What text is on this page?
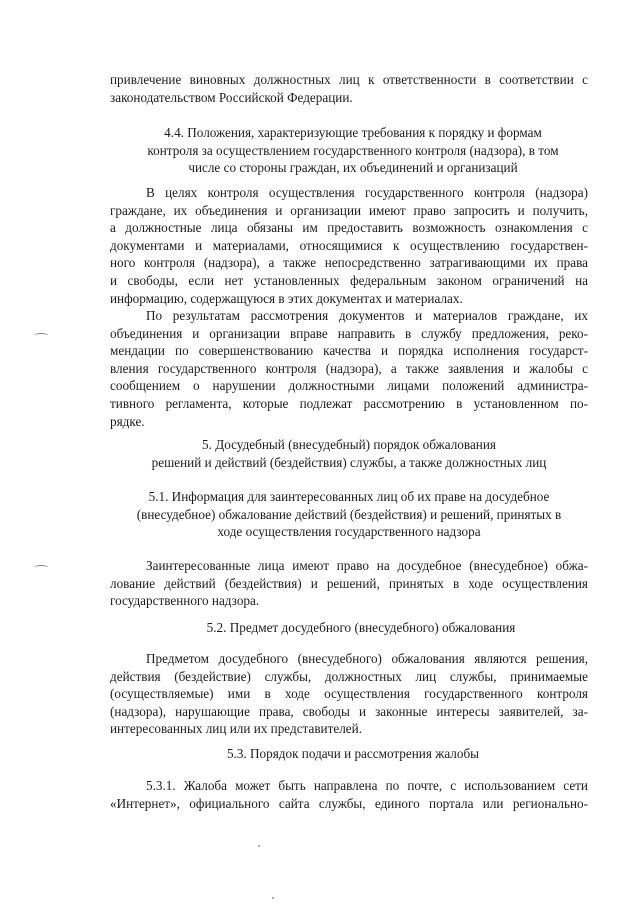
привлечение виновных должностных лиц к ответственности в соответствии с
законодательством Российской Федерации.
4.4. Положения, характеризующие требования к порядку и формам
контроля за осуществлением государственного контроля (надзора), в том
числе со стороны граждан, их объединений и организаций
В целях контроля осуществления государственного контроля (надзора)
граждане, их объединения и организации имеют право запросить и получить,
а должностные лица обязаны им предоставить возможность ознакомления с
документами и материалами, относящимися к осуществлению государствен-
ного контроля (надзора), а также непосредственно затрагивающими их права
и свободы, если нет установленных федеральным законом ограничений на
информацию, содержащуюся в этих документах и материалах.
По результатам рассмотрения документов и материалов граждане, их
объединения и организации вправе направить в службу предложения, реко-
мендации по совершенствованию качества и порядка исполнения государст-
вления государственного контроля (надзора), а также заявления и жалобы с
сообщением о нарушении должностными лицами положений администра-
тивного регламента, которые подлежат рассмотрению в установленном по-
рядке.
5. Досудебный (внесудебный) порядок обжалования
решений и действий (бездействия) службы, а также должностных лиц
5.1. Информация для заинтересованных лиц об их праве на досудебное
(внесудебное) обжалование действий (бездействия) и решений, принятых в
ходе осуществления государственного надзора
Заинтересованные лица имеют право на досудебное (внесудебное) обжа-
лование действий (бездействия) и решений, принятых в ходе осуществления
государственного надзора.
5.2. Предмет досудебного (внесудебного) обжалования
Предметом досудебного (внесудебного) обжалования являются решения,
действия (бездействие) службы, должностных лиц службы, принимаемые
(осуществляемые) ими в ходе осуществления государственного контроля
(надзора), нарушающие права, свободы и законные интересы заявителей, за-
интересованных лиц или их представителей.
5.3. Порядок подачи и рассмотрения жалобы
5.3.1. Жалоба может быть направлена по почте, с использованием сети
«Интернет», официального сайта службы, единого портала или регионально-
